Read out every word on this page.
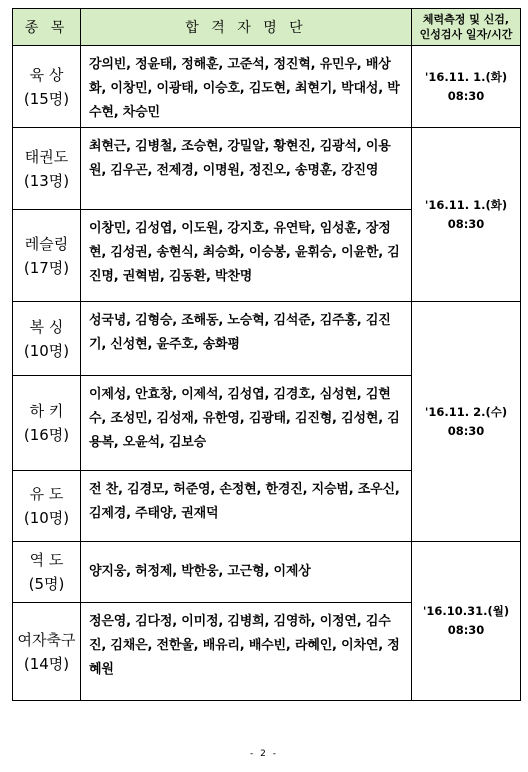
종 목	합 격 자 명 단	체력측정 및 신검,
인성검사 일자/시간

육 상
(15명)	강의빈, 정윤태, 정해훈, 고준석, 정진혁, 유민우, 배상화, 이창민, 이광태, 이승호, 김도현, 최현기, 박대성, 박수현, 차승민	'16.11. 1.(화)
08:30

태권도
(13명)	최현근, 김병철, 조승현, 강밀알, 황현진, 김광석, 이용원, 김우곤, 전제경, 이명원, 정진오, 송명훈, 강진영	'16.11. 1.(화)
08:30

레슬링
(17명)	이창민, 김성엽, 이도원, 강지호, 유연탁, 임성훈, 장정현, 김성권, 송현식, 최승화, 이승봉, 윤휘승, 이윤한, 김진명, 권혁범, 김동환, 박찬명	

복 싱
(10명)	성국녕, 김형승, 조해동, 노승혁, 김석준, 김주홍, 김진기, 신성현, 윤주호, 송화평	'16.11. 2.(수)
08:30

하 키
(16명)	이제성, 안효창, 이제석, 김성엽, 김경호, 심성현, 김현수, 조성민, 김성재, 유한영, 김광태, 김진형, 김성현, 김용복, 오윤석, 김보승	

유 도
(10명)	전 찬, 김경모, 허준영, 손정현, 한경진, 지승범, 조우신, 김제경, 주태양, 권재덕	

역 도
(5명)	양지웅, 허정제, 박한웅, 고근형, 이제상	'16.10.31.(월)
08:30

여자축구
(14명)	정은영, 김다정, 이미정, 김병희, 김영하, 이정연, 김수진, 김채은, 전한울, 배유리, 배수빈, 라혜인, 이차연, 정혜원	
- 2 -
